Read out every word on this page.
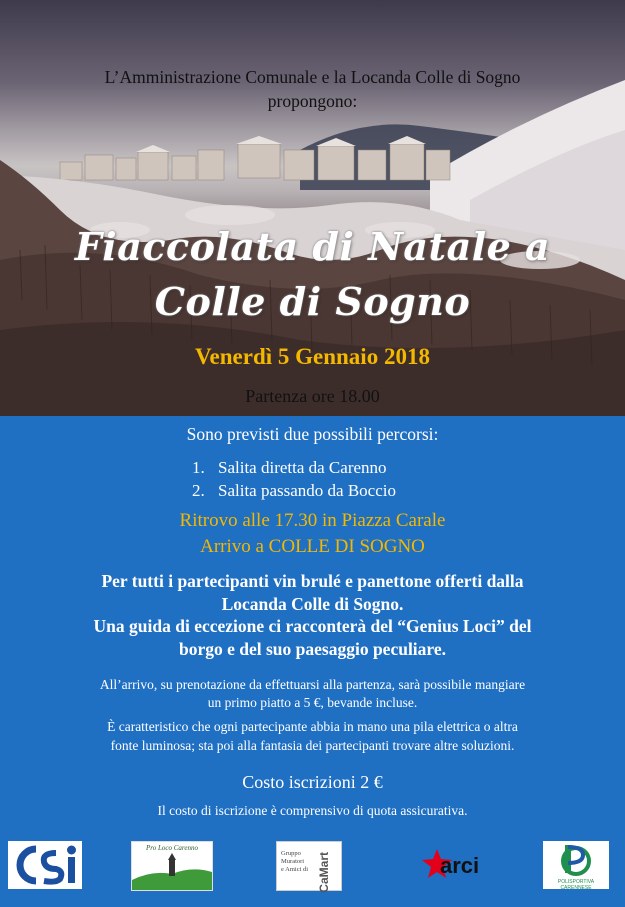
L’Amministrazione Comunale e la Locanda Colle di Sogno

propongono:

Fiaccolata di Natale a

Colle di Sogno

Venerdì 5 Gennaio 2018

Partenza ore 18.00

Sono previsti due possibili percorsi:

1. Salita diretta da Carenno
2. Salita passando da Boccio

Ritrovo alle 17.30 in Piazza Carale

Arrivo a COLLE DI SOGNO

Per tutti i partecipanti vin brulé e panettone offerti dalla

Locanda Colle di Sogno.

Una guida di eccezione ci racconterà del “Genius Loci” del

borgo e del suo paesaggio peculiare.

All’arrivo, su prenotazione da effettuarsi alla partenza, sarà possibile mangiare

un primo piatto a 5 €, bevande incluse.

È caratteristico che ogni partecipante abbia in mano una pila elettrica o altra

fonte luminosa; sta poi alla fantasia dei partecipanti trovare altre soluzioni.

Costo iscrizioni 2 €

Il costo di iscrizione è comprensivo di quota assicurativa.

Pro Loco Carenno
Gruppo
Muratori
e Amici di CaMart	arci
POLISPORTIVA CARENNESE
